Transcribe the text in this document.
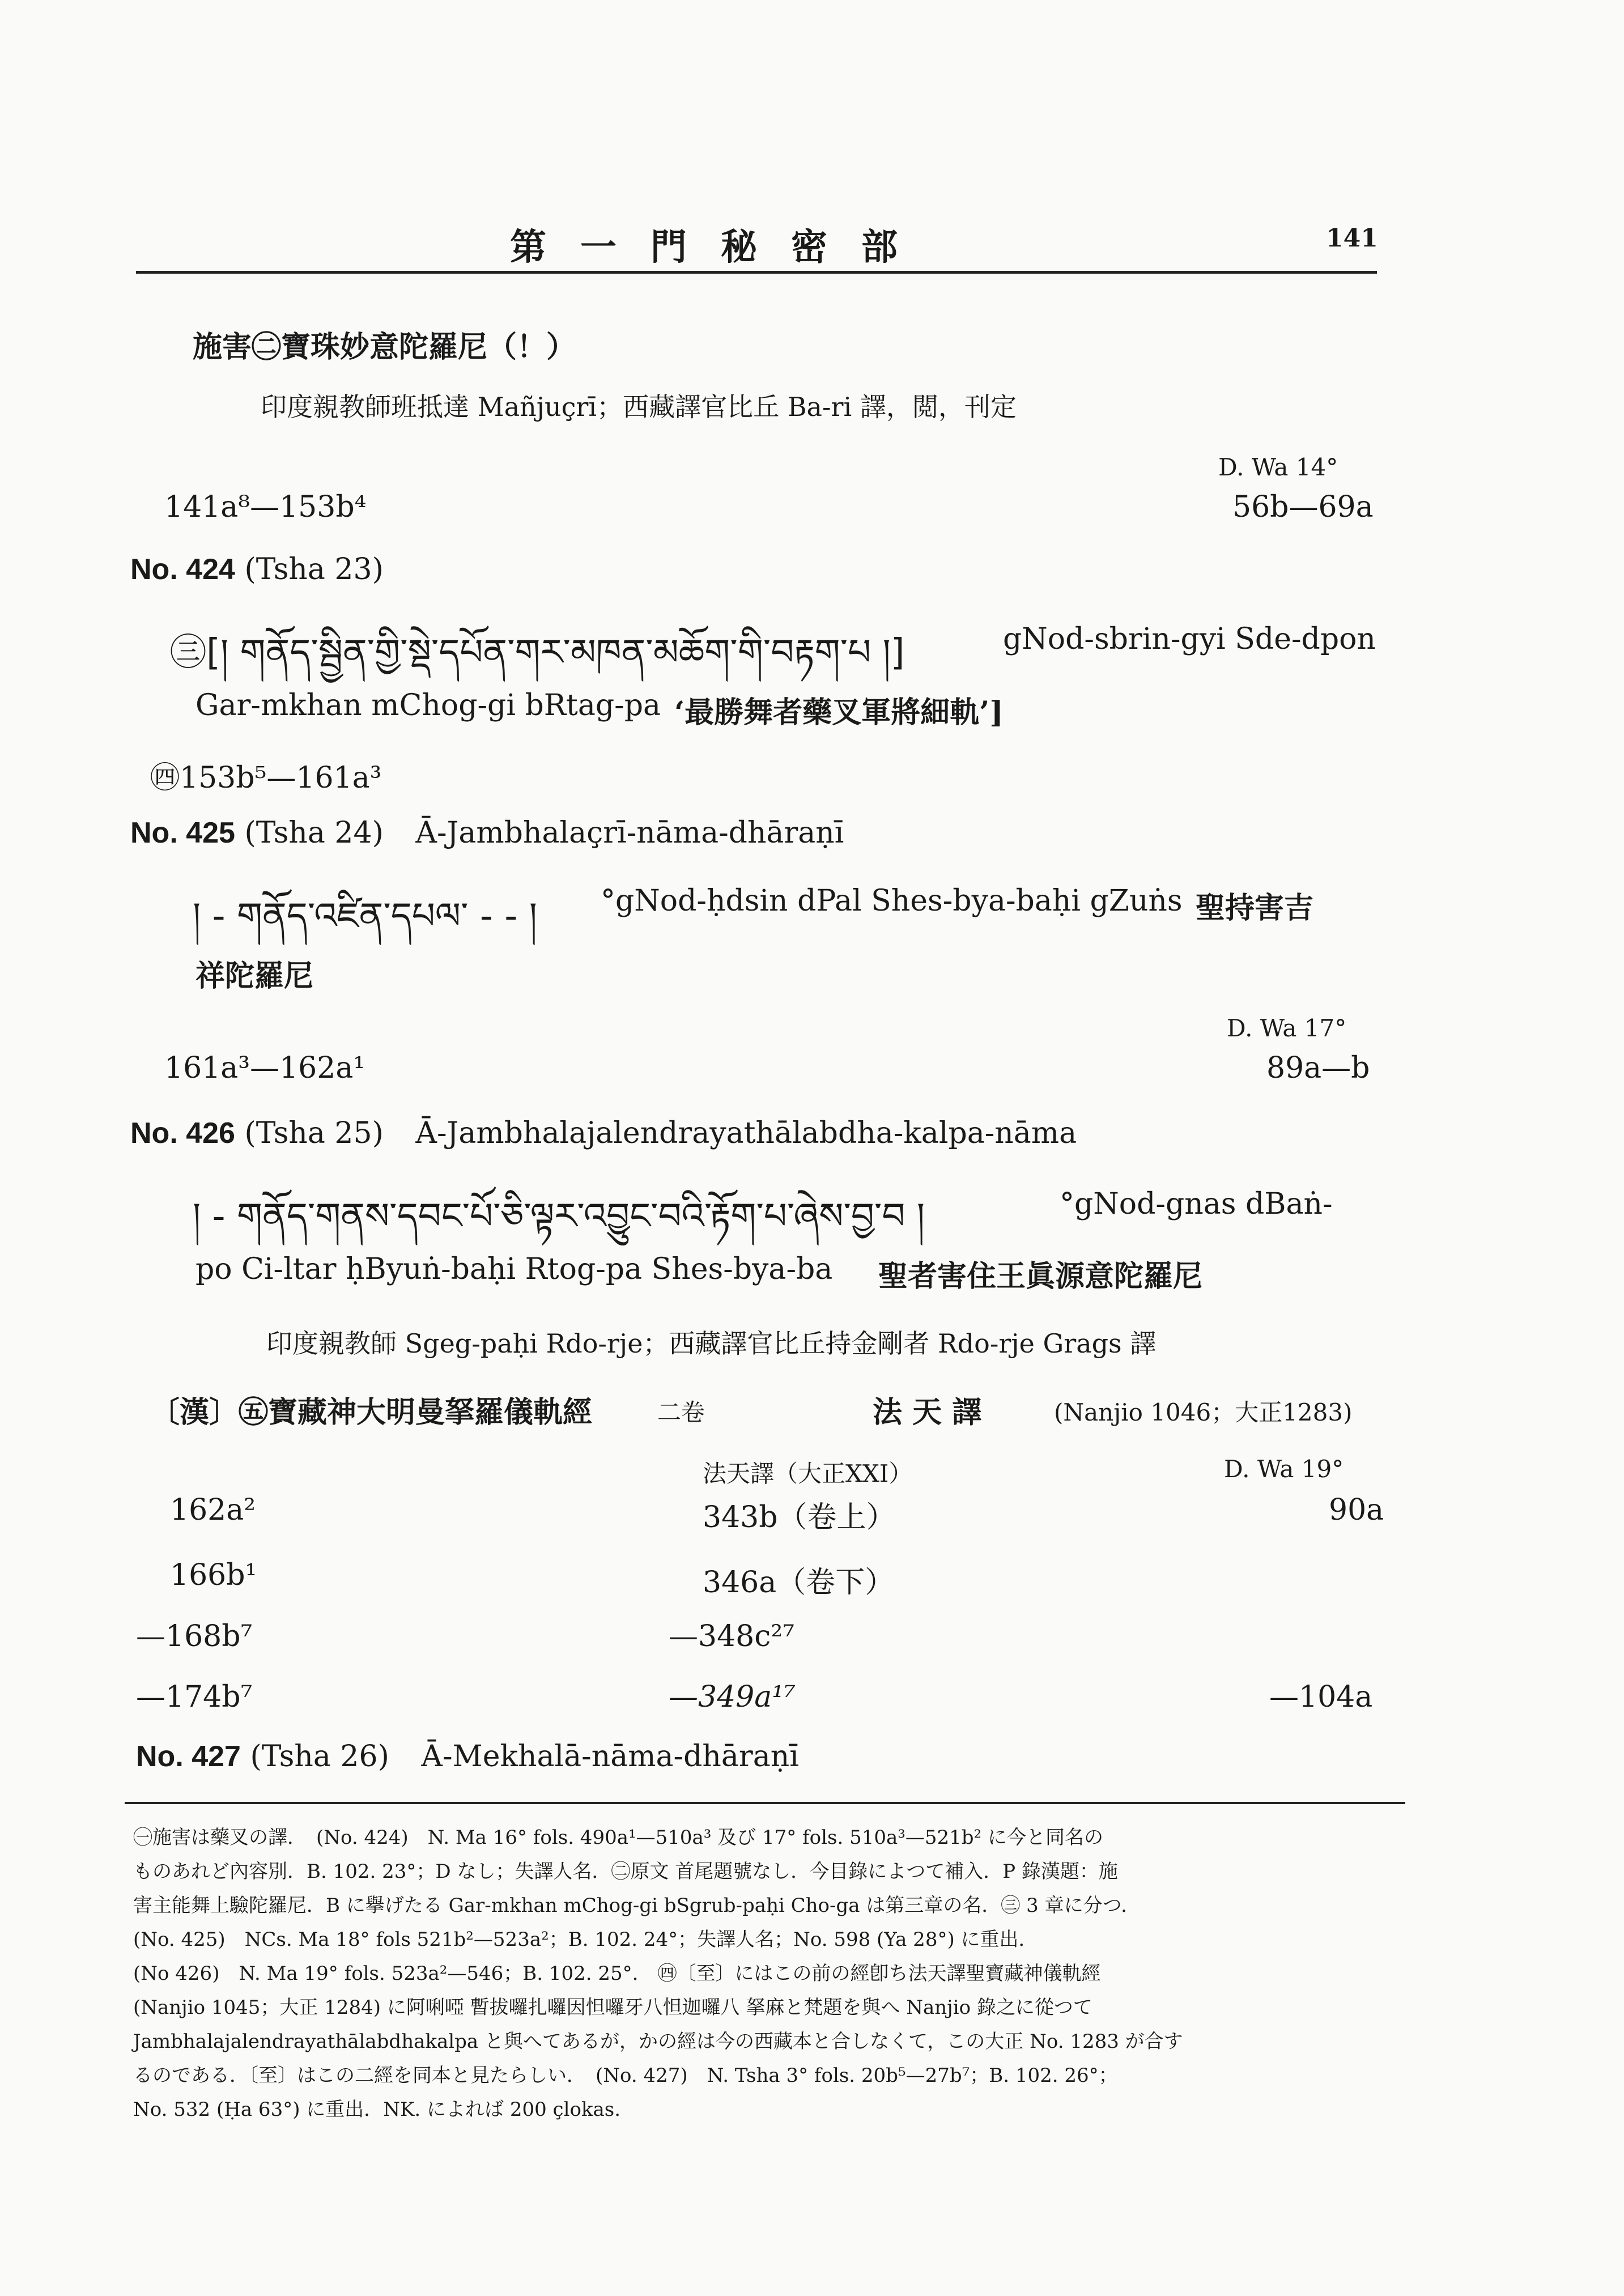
第一門秘密部	141
施害㊁寶珠妙意陀羅尼（！）
印度親教師班抵達 Mañjuçrī；西藏譯官比丘 Ba-ri 譯，閲，刊定
D. Wa 14°
141a⁸—153b⁴	56b—69a
No. 424 (Tsha 23)
㊂[། གནོད་སྦྱིན་གྱི་སྡེ་དཔོན་གར་མཁན་མཆོག་གི་བརྟག་པ །]	gNod-sbrin-gyi Sde-dpon
Gar-mkhan mChog-gi bRtag-pa ‘最勝舞者藥叉軍將細軌’]
㊃153b⁵—161a³
No. 425 (Tsha 24) Ā-Jambhalaçrī-nāma-dhāraṇī
། - གནོད་འཛིན་དཔལ་ - - ། °gNod-ḥdsin dPal Shes-bya-baḥi gZuṅs 聖持害吉
祥陀羅尼
D. Wa 17°
161a³—162a¹	89a—b
No. 426 (Tsha 25) Ā-Jambhalajalendrayathālabdha-kalpa-nāma
། - གནོད་གནས་དབང་པོ་ཅི་ལྟར་འབྱུང་བའི་རྟོག་པ་ཞེས་བྱ་བ །	°gNod-gnas dBaṅ-
po Ci-ltar ḥByuṅ-baḥi Rtog-pa Shes-bya-ba 聖者害住王眞源意陀羅尼
印度親教師 Sgeg-paḥi Rdo-rje；西藏譯官比丘持金剛者 Rdo-rje Grags 譯
〔漢〕㊄寶藏神大明曼拏羅儀軌經	二卷	法 天 譯	(Nanjio 1046；大正1283)
法天譯（大正XXI）	D. Wa 19°
162a²	343b（卷上）	90a
166b¹	346a（卷下）
—168b⁷	—348c²⁷
—174b⁷	—349a¹⁷	—104a
No. 427 (Tsha 26) Ā-Mekhalā-nāma-dhāraṇī
㊀施害は藥叉の譯．　(No. 424)　N. Ma 16° fols. 490a¹—510a³ 及び 17° fols. 510a³—521b² に今と同名の
ものあれど內容別．B. 102. 23°；D なし；失譯人名．㊁原文 首尾題號なし．今目錄によつて補入．P 錄漢題：施
害主能舞上驗陀羅尼．B に擧げたる Gar-mkhan mChog-gi bSgrub-paḥi Cho-ga は第三章の名．㊂ 3 章に分つ．
(No. 425)　NCs. Ma 18° fols 521b²—523a²；B. 102. 24°；失譯人名；No. 598 (Ya 28°) に重出．
(No 426)　N. Ma 19° fols. 523a²—546；B. 102. 25°.　㊃〔至〕にはこの前の經卽ち法天譯聖寶藏神儀軌經
(Nanjio 1045；大正 1284) に阿唎啞 暫拔囉扎囉因怛囉牙八怛迦囉八 拏麻と梵題を與へ Nanjio 錄之に從つて
Jambhalajalendrayathālabdhakalpa と與へてあるが，かの經は今の西藏本と合しなくて，この大正 No. 1283 が合す
るのである．〔至〕はこの二經を同本と見たらしい．　(No. 427)　N. Tsha 3° fols. 20b⁵—27b⁷；B. 102. 26°；
No. 532 (Ḥa 63°) に重出．NK. によれば 200 çlokas.
